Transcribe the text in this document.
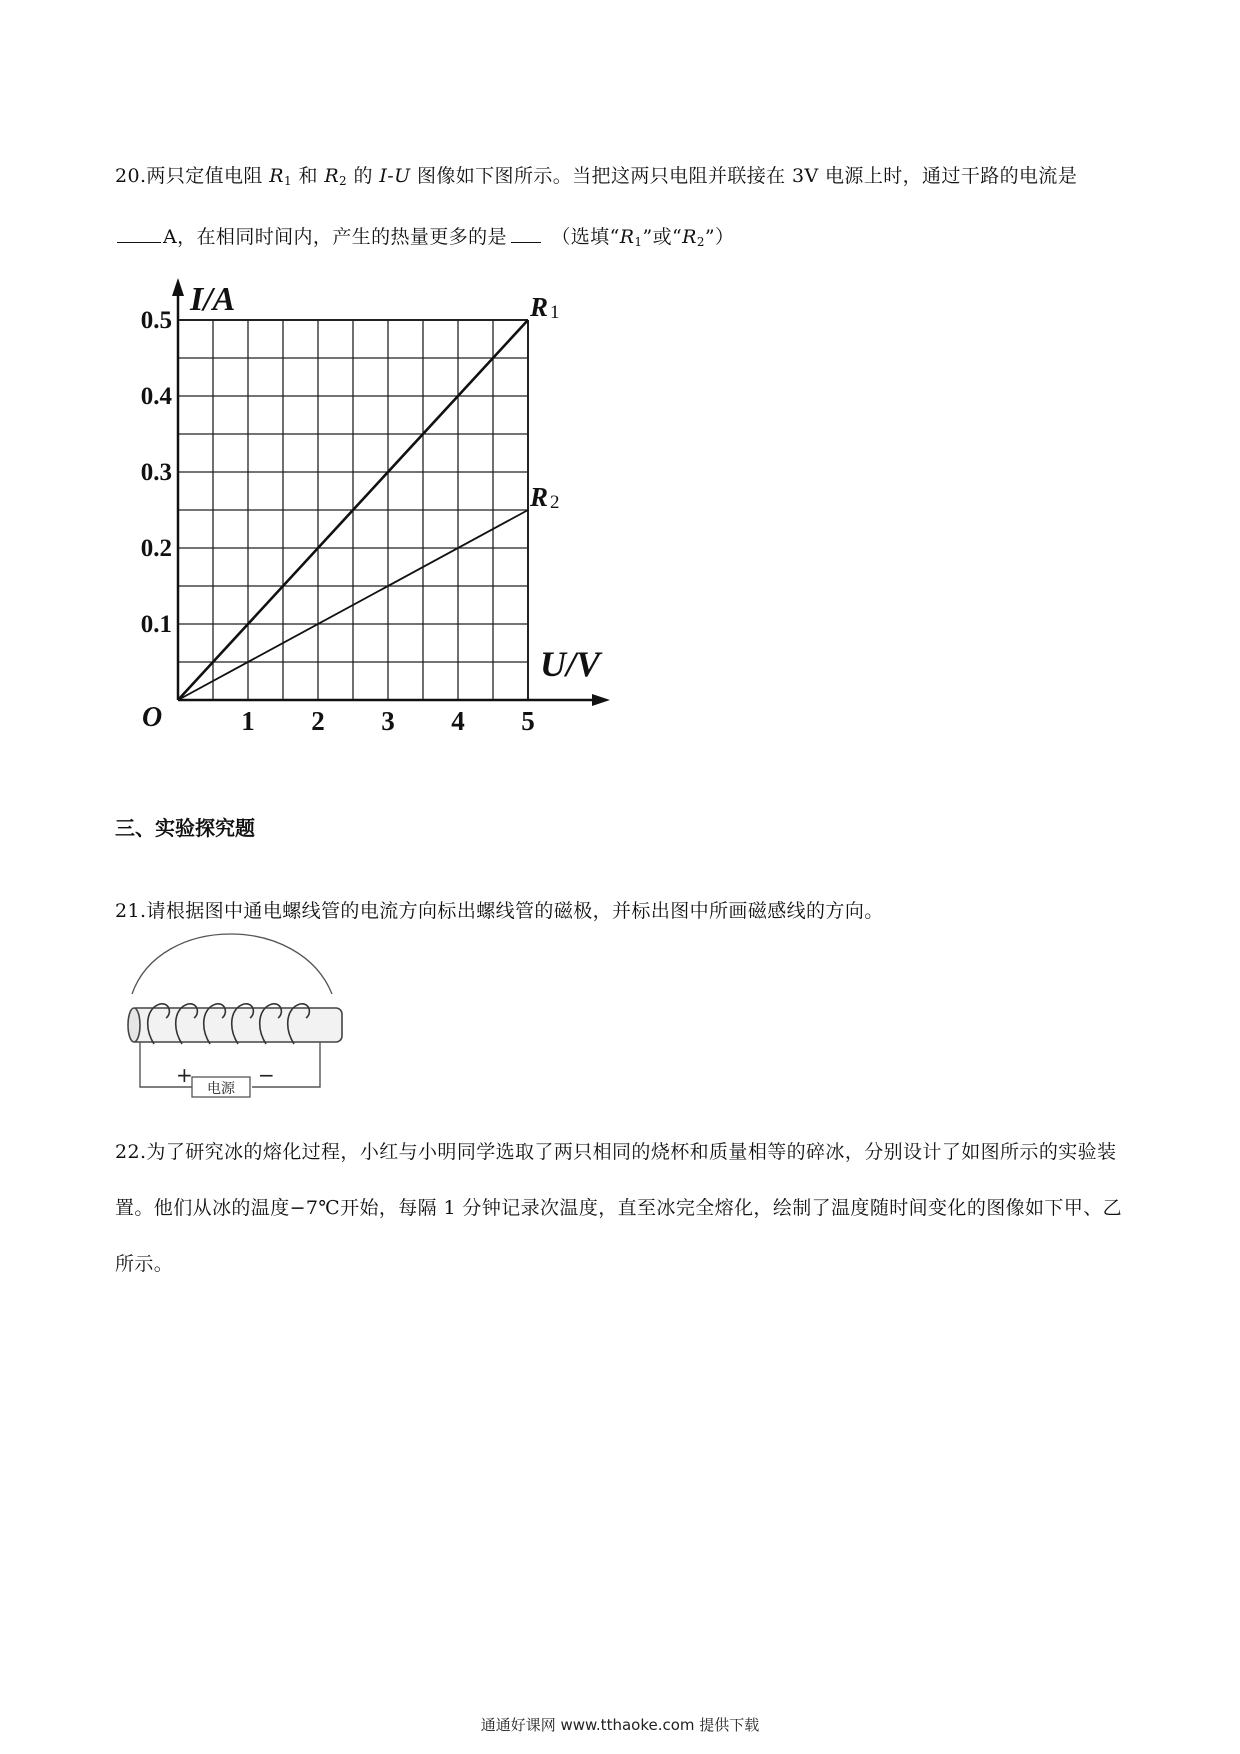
20.两只定值电阻 $R_1$ 和 $R_2$ 的 I-U 图像如下图所示。当把这两只电阻并联接在 3V 电源上时，通过干路的电流是A，在相同时间内，产生的热量更多的是 （选填“$R_1$”或“$R_2$”）
I/A
U/V
O	1 2 3 4 5
0.1
0.2
0.3
0.4
0.5	R 1
R 2
三、实验探究题
21.请根据图中通电螺线管的电流方向标出螺线管的磁极，并标出图中所画磁感线的方向。
电源
+	−
22.为了研究冰的熔化过程，小红与小明同学选取了两只相同的烧杯和质量相等的碎冰，分别设计了如图所示的实验装置。他们从冰的温度−7℃开始，每隔 1 分钟记录次温度，直至冰完全熔化，绘制了温度随时间变化的图像如下甲、乙所示。
通通好课网 www.tthaoke.com 提供下载
